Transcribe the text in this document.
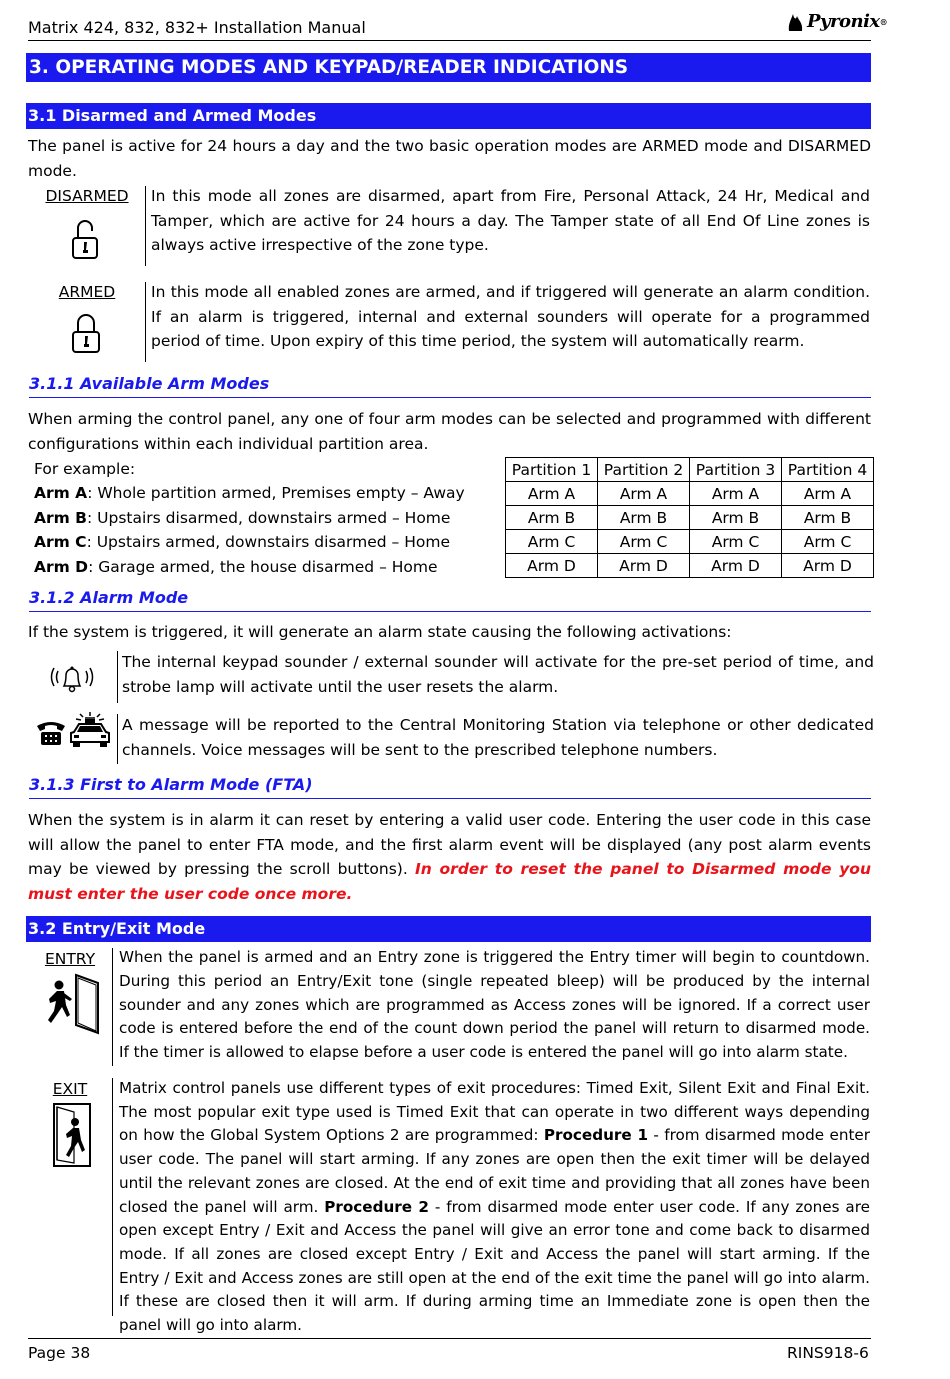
Matrix 424, 832, 832+ Installation Manual	Pyronix ®
3. OPERATING MODES AND KEYPAD/READER INDICATIONS
3.1 Disarmed and Armed Modes
The panel is active for 24 hours a day and the two basic operation modes are ARMED mode and DISARMED mode.
DISARMED	In this mode all zones are disarmed, apart from Fire, Personal Attack, 24 Hr, Medical and Tamper, which are active for 24 hours a day. The Tamper state of all End Of Line zones is always active irrespective of the zone type.
ARMED	In this mode all enabled zones are armed, and if triggered will generate an alarm condition. If an alarm is triggered, internal and external sounders will operate for a programmed period of time. Upon expiry of this time period, the system will automatically rearm.
3.1.1 Available Arm Modes
When arming the control panel, any one of four arm modes can be selected and programmed with different configurations within each individual partition area.
For example:
Arm A: Whole partition armed, Premises empty – Away
Arm B: Upstairs disarmed, downstairs armed – Home
Arm C: Upstairs armed, downstairs disarmed – Home
Arm D: Garage armed, the house disarmed – Home
Partition 1	Partition 2	Partition 3	Partition 4
Arm A	Arm A	Arm A	Arm A
Arm B	Arm B	Arm B	Arm B
Arm C	Arm C	Arm C	Arm C
Arm D	Arm D	Arm D	Arm D
3.1.2 Alarm Mode
If the system is triggered, it will generate an alarm state causing the following activations:
The internal keypad sounder / external sounder will activate for the pre-set period of time, and strobe lamp will activate until the user resets the alarm.
A message will be reported to the Central Monitoring Station via telephone or other dedicated channels. Voice messages will be sent to the prescribed telephone numbers.
3.1.3 First to Alarm Mode (FTA)
When the system is in alarm it can reset by entering a valid user code. Entering the user code in this case will allow the panel to enter FTA mode, and the first alarm event will be displayed (any post alarm events may be viewed by pressing the scroll buttons). In order to reset the panel to Disarmed mode you must enter the user code once more.
3.2 Entry/Exit Mode
ENTRY	When the panel is armed and an Entry zone is triggered the Entry timer will begin to countdown. During this period an Entry/Exit tone (single repeated bleep) will be produced by the internal sounder and any zones which are programmed as Access zones will be ignored. If a correct user code is entered before the end of the count down period the panel will return to disarmed mode. If the timer is allowed to elapse before a user code is entered the panel will go into alarm state.
EXIT	Matrix control panels use different types of exit procedures: Timed Exit, Silent Exit and Final Exit. The most popular exit type used is Timed Exit that can operate in two different ways depending on how the Global System Options 2 are programmed: Procedure 1 - from disarmed mode enter user code. The panel will start arming. If any zones are open then the exit timer will be delayed until the relevant zones are closed. At the end of exit time and providing that all zones have been closed the panel will arm. Procedure 2 - from disarmed mode enter user code. If any zones are open except Entry / Exit and Access the panel will give an error tone and come back to disarmed mode. If all zones are closed except Entry / Exit and Access the panel will start arming. If the Entry / Exit and Access zones are still open at the end of the exit time the panel will go into alarm. If these are closed then it will arm. If during arming time an Immediate zone is open then the panel will go into alarm.
Page 38	RINS918-6
